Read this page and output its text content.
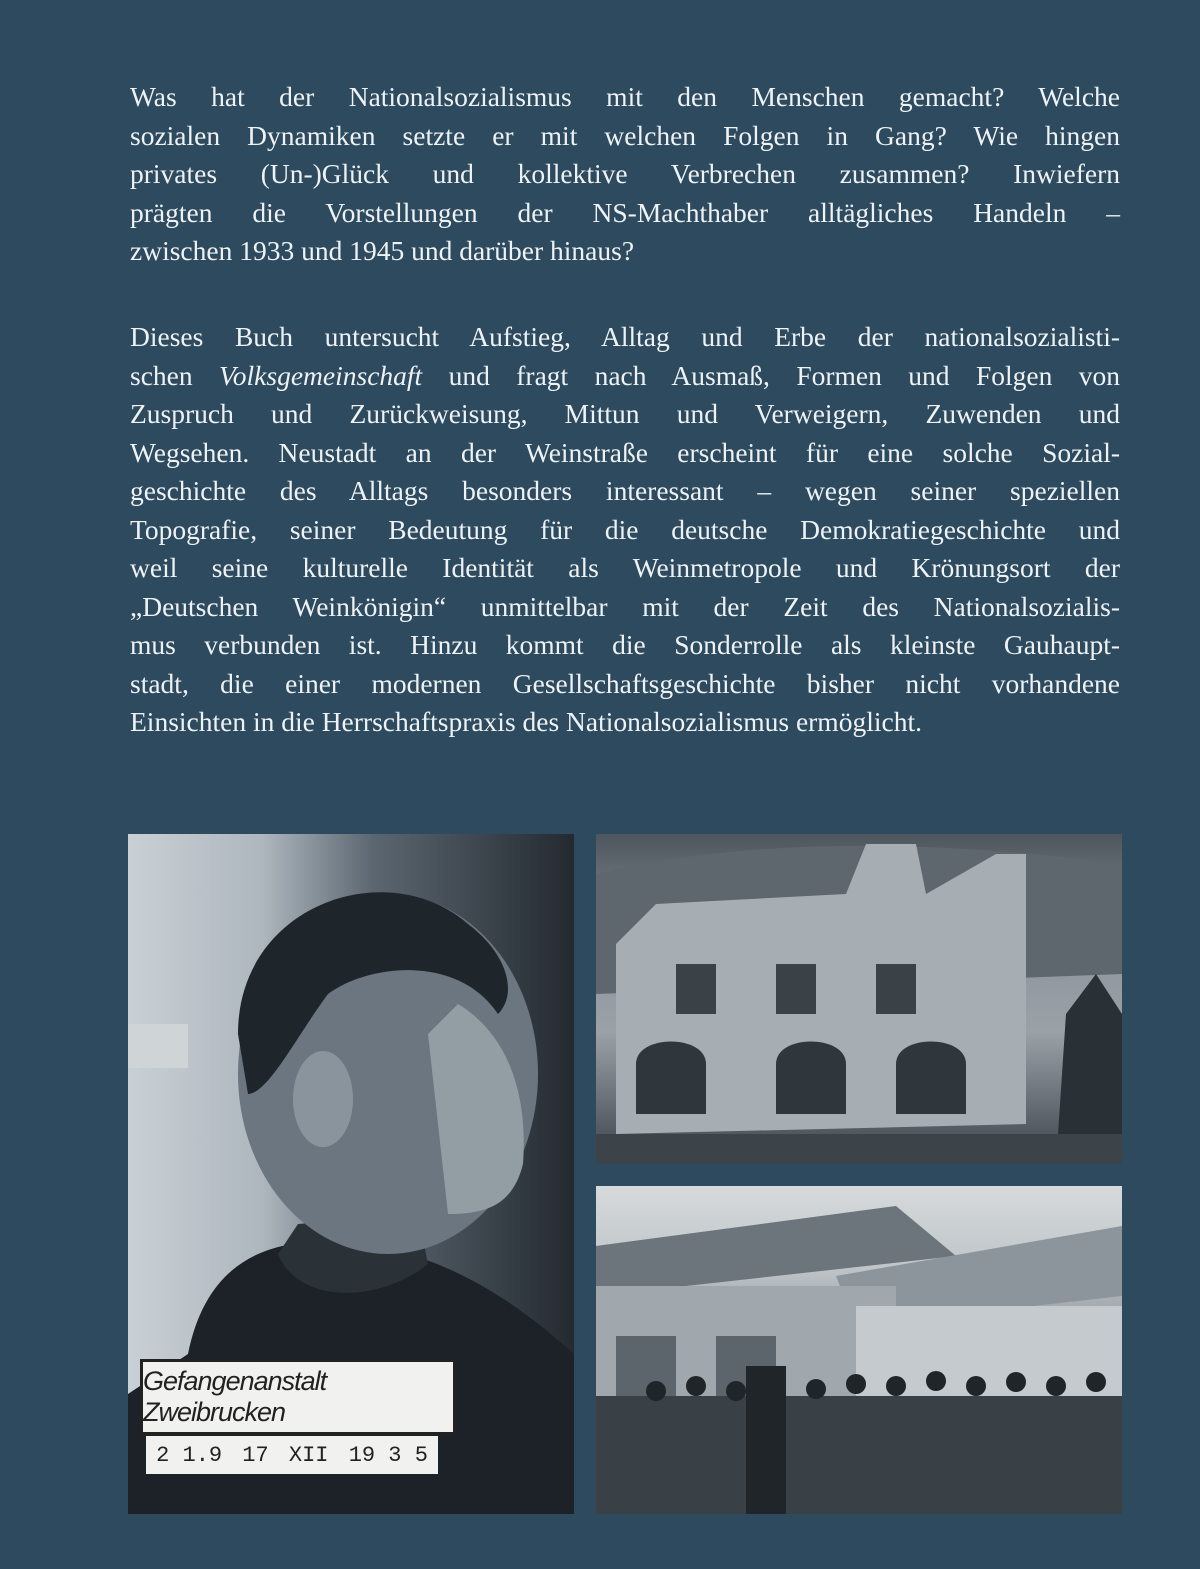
Was hat der Nationalsozialismus mit den Menschen gemacht? Welche
sozialen Dynamiken setzte er mit welchen Folgen in Gang? Wie hingen
privates (Un-)Glück und kollektive Verbrechen zusammen? Inwiefern
prägten die Vorstellungen der NS-Machthaber alltägliches Handeln –
zwischen 1933 und 1945 und darüber hinaus?
Dieses Buch untersucht Aufstieg, Alltag und Erbe der nationalsozialisti-
schen Volksgemeinschaft und fragt nach Ausmaß, Formen und Folgen von
Zuspruch und Zurückweisung, Mittun und Verweigern, Zuwenden und
Wegsehen. Neustadt an der Weinstraße erscheint für eine solche Sozial-
geschichte des Alltags besonders interessant – wegen seiner speziellen
Topografie, seiner Bedeutung für die deutsche Demokratiegeschichte und
weil seine kulturelle Identität als Weinmetropole und Krönungsort der
„Deutschen Weinkönigin“ unmittelbar mit der Zeit des Nationalsozialis-
mus verbunden ist. Hinzu kommt die Sonderrolle als kleinste Gauhaupt-
stadt, die einer modernen Gesellschaftsgeschichte bisher nicht vorhandene
Einsichten in die Herrschaftspraxis des Nationalsozialismus ermöglicht.
Gefangenanstalt Zweibrucken
2 1.9 17 XII 19 3 5
